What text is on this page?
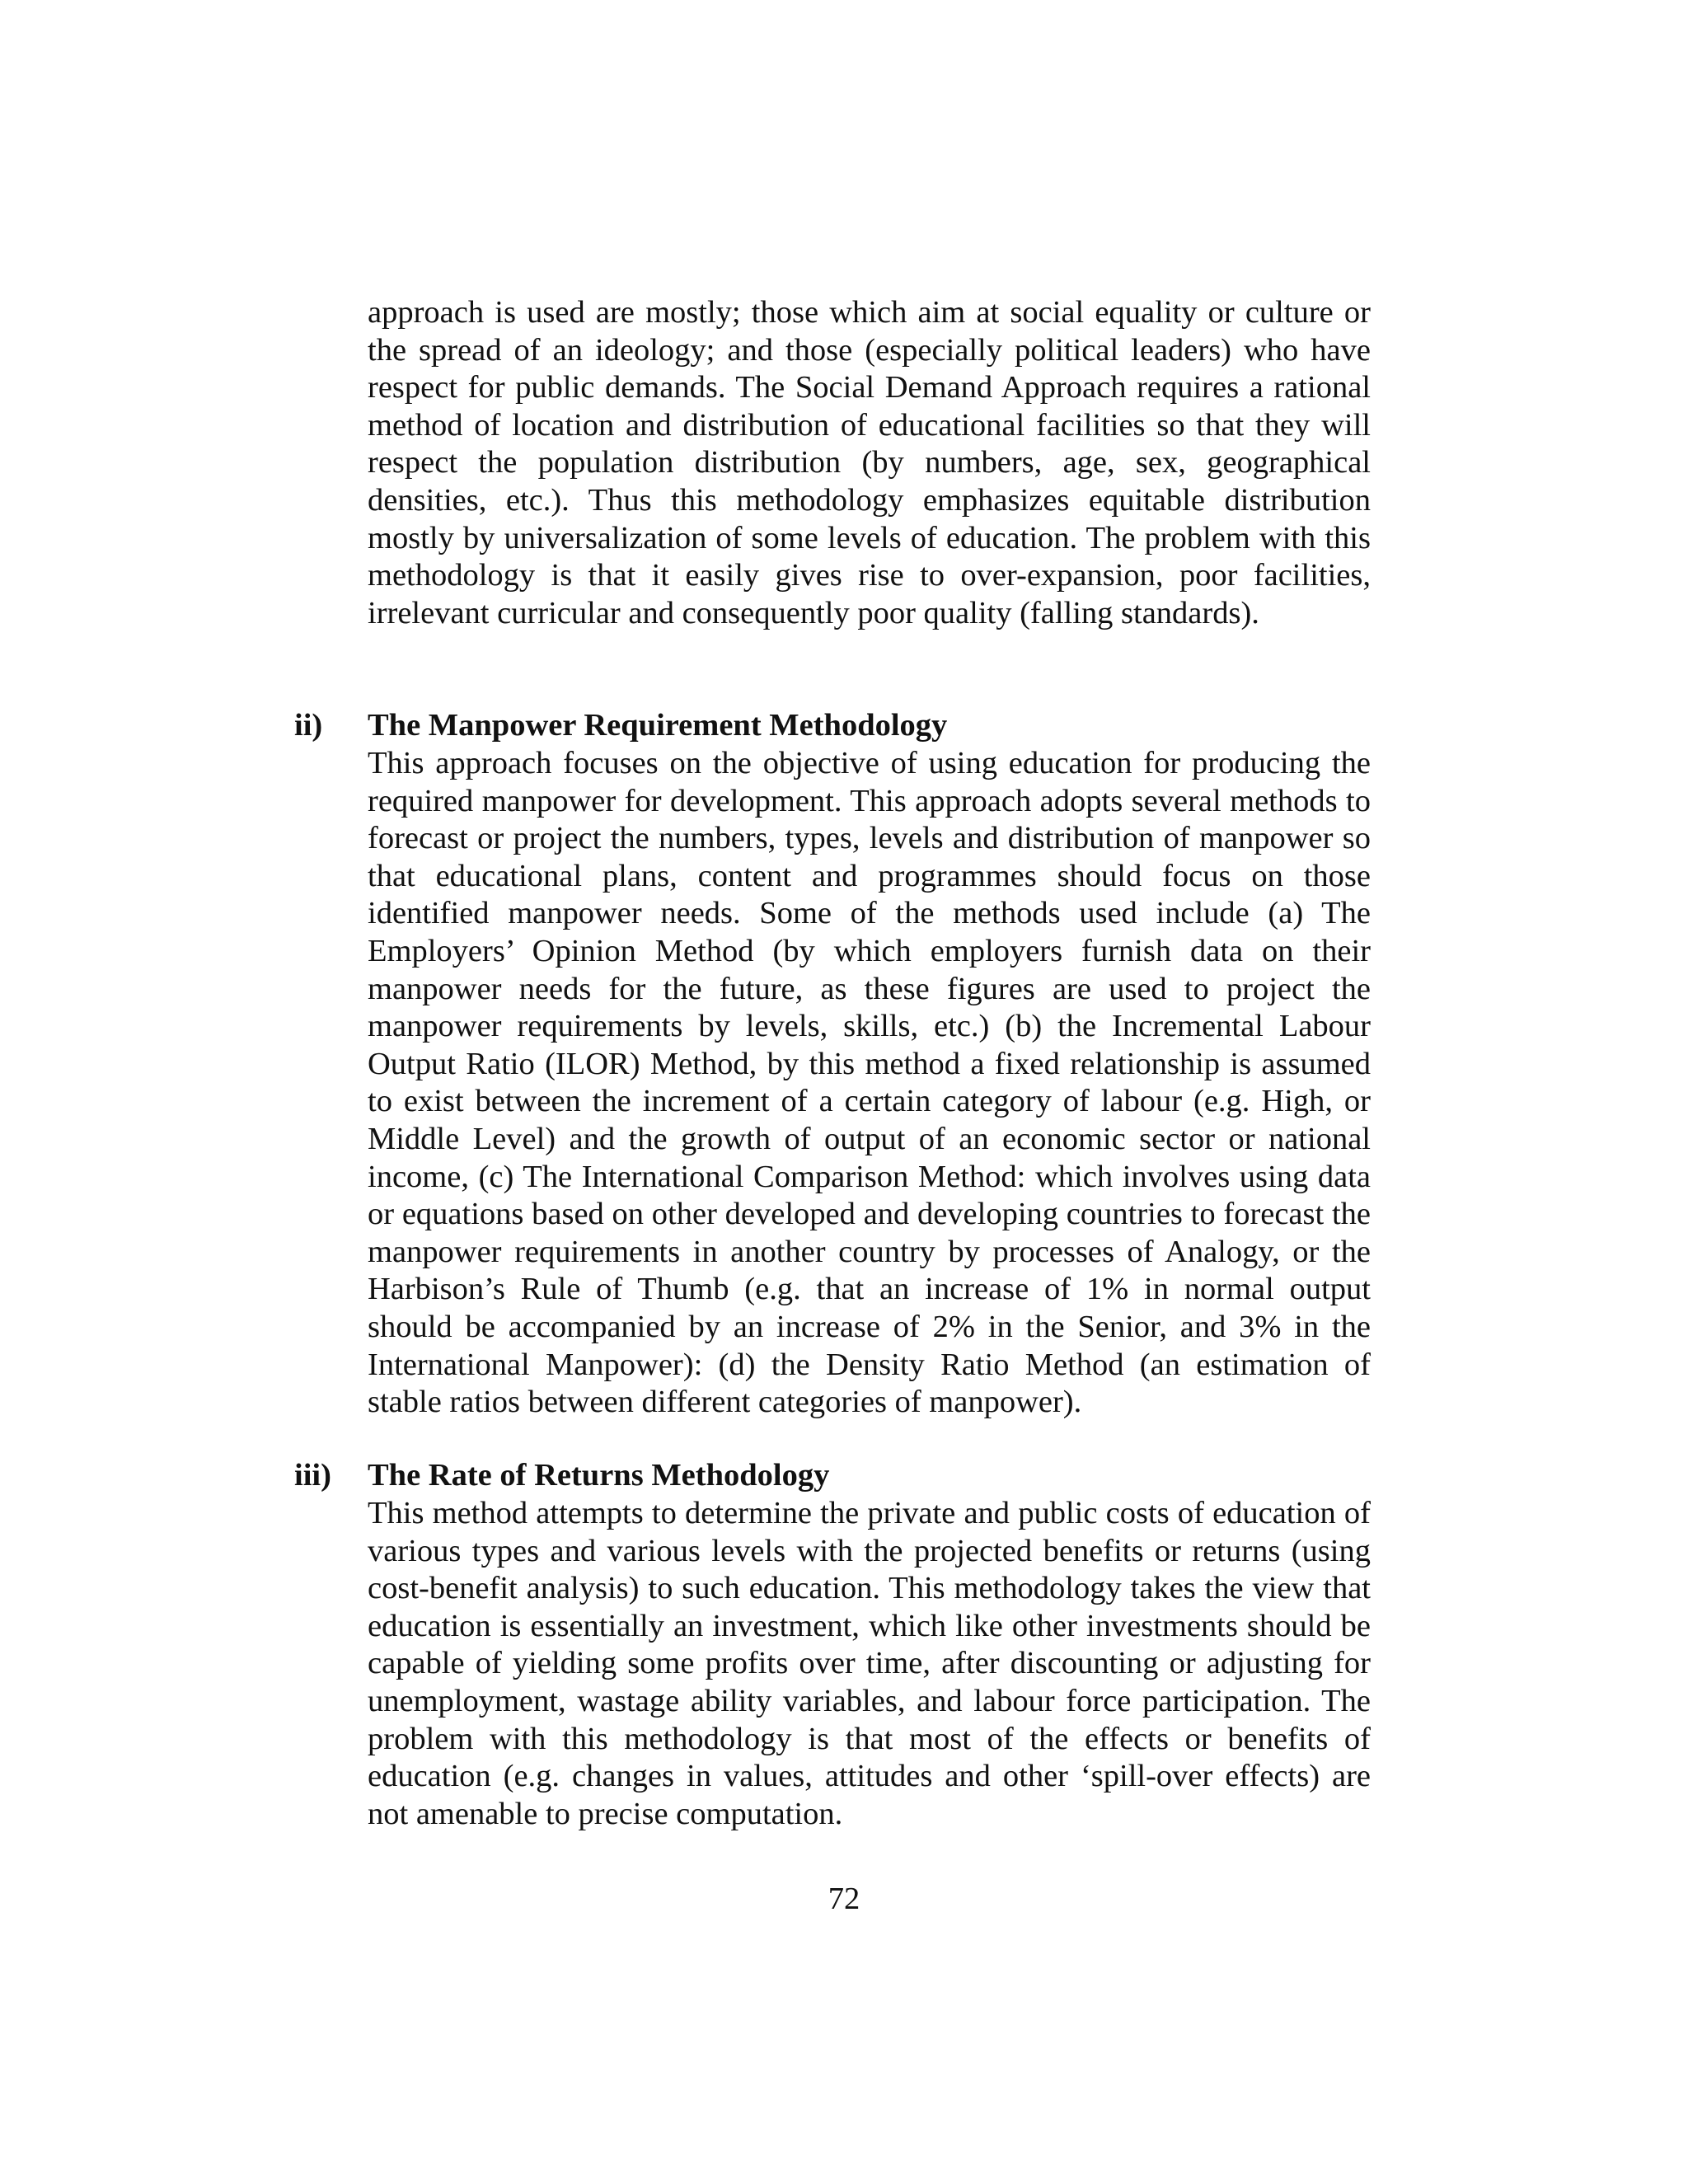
approach is used are mostly; those which aim at social equality or culture or the spread of an ideology; and those (especially political leaders) who have respect for public demands. The Social Demand Approach requires a rational method of location and distribution of educational facilities so that they will respect the population distribution (by numbers, age, sex, geographical densities, etc.). Thus this methodology emphasizes equitable distribution mostly by universalization of some levels of education. The problem with this methodology is that it easily gives rise to over-expansion, poor facilities, irrelevant curricular and consequently poor quality (falling standards).

ii) The Manpower Requirement Methodology

This approach focuses on the objective of using education for producing the required manpower for development. This approach adopts several methods to forecast or project the numbers, types, levels and distribution of manpower so that educational plans, content and programmes should focus on those identified manpower needs. Some of the methods used include (a) The Employers’ Opinion Method (by which employers furnish data on their manpower needs for the future, as these figures are used to project the manpower requirements by levels, skills, etc.) (b) the Incremental Labour Output Ratio (ILOR) Method, by this method a fixed relationship is assumed to exist between the increment of a certain category of labour (e.g. High, or Middle Level) and the growth of output of an economic sector or national income, (c) The International Comparison Method: which involves using data or equations based on other developed and developing countries to forecast the manpower requirements in another country by processes of Analogy, or the Harbison’s Rule of Thumb (e.g. that an increase of 1% in normal output should be accompanied by an increase of 2% in the Senior, and 3% in the International Manpower): (d) the Density Ratio Method (an estimation of stable ratios between different categories of manpower).

iii) The Rate of Returns Methodology

This method attempts to determine the private and public costs of education of various types and various levels with the projected benefits or returns (using cost-benefit analysis) to such education. This methodology takes the view that education is essentially an investment, which like other investments should be capable of yielding some profits over time, after discounting or adjusting for unemployment, wastage ability variables, and labour force participation. The problem with this methodology is that most of the effects or benefits of education (e.g. changes in values, attitudes and other ‘spill-over effects) are not amenable to precise computation.

72
